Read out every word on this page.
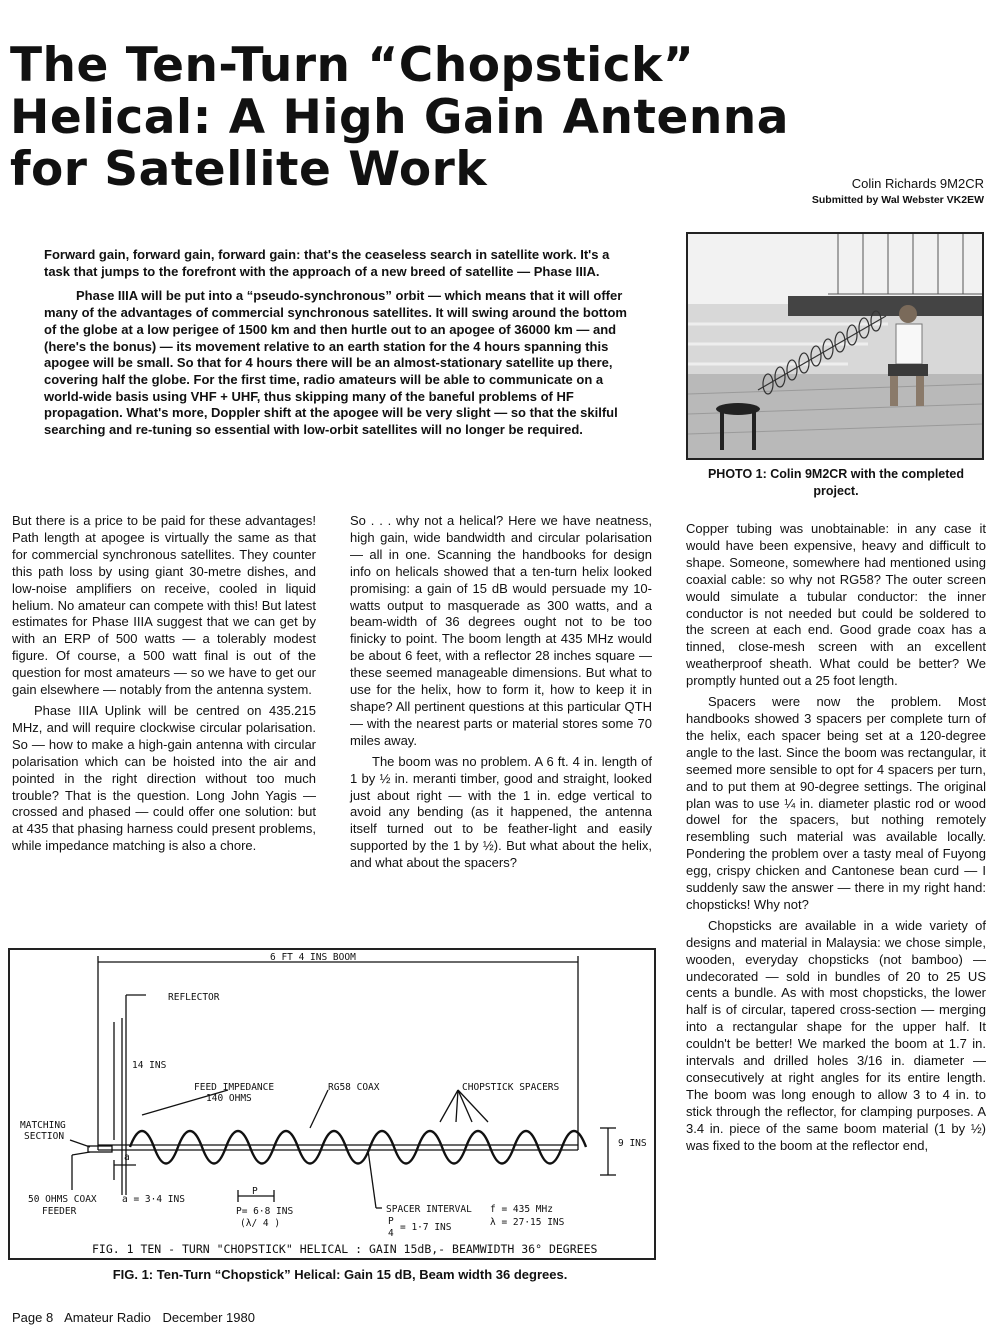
The Ten-Turn “Chopstick”
Helical: A High Gain Antenna
for Satellite Work	Colin Richards 9M2CR
Submitted by Wal Webster VK2EW

Forward gain, forward gain, forward gain: that's the ceaseless search in satellite work. It's a task that jumps to the forefront with the approach of a new breed of satellite — Phase IIIA.

Phase IIIA will be put into a “pseudo-synchronous” orbit — which means that it will offer many of the advantages of commercial synchronous satellites. It will swing around the bottom of the globe at a low perigee of 1500 km and then hurtle out to an apogee of 36000 km — and (here's the bonus) — its movement relative to an earth station for the 4 hours spanning this apogee will be small. So that for 4 hours there will be an almost-stationary satellite up there, covering half the globe. For the first time, radio amateurs will be able to communicate on a world-wide basis using VHF + UHF, thus skipping many of the baneful problems of HF propagation. What's more, Doppler shift at the apogee will be very slight — so that the skilful searching and re-tuning so essential with low-orbit satellites will no longer be required.

PHOTO 1: Colin 9M2CR with the completed project.

But there is a price to be paid for these advantages! Path length at apogee is virtually the same as that for commercial synchronous satellites. They counter this path loss by using giant 30-metre dishes, and low-noise amplifiers on receive, cooled in liquid helium. No amateur can compete with this! But latest estimates for Phase IIIA suggest that we can get by with an ERP of 500 watts — a tolerably modest figure. Of course, a 500 watt final is out of the question for most amateurs — so we have to get our gain elsewhere — notably from the antenna system.

Phase IIIA Uplink will be centred on 435.215 MHz, and will require clockwise circular polarisation. So — how to make a high-gain antenna with circular polarisation which can be hoisted into the air and pointed in the right direction without too much trouble? That is the question. Long John Yagis — crossed and phased — could offer one solution: but at 435 that phasing harness could present problems, while impedance matching is also a chore.

So . . . why not a helical? Here we have neatness, high gain, wide bandwidth and circular polarisation — all in one. Scanning the handbooks for design info on helicals showed that a ten-turn helix looked promising: a gain of 15 dB would persuade my 10-watts output to masquerade as 300 watts, and a beam-width of 36 degrees ought not to be too finicky to point. The boom length at 435 MHz would be about 6 feet, with a reflector 28 inches square — these seemed manageable dimensions. But what to use for the helix, how to form it, how to keep it in shape? All pertinent questions at this particular QTH — with the nearest parts or material stores some 70 miles away.

The boom was no problem. A 6 ft. 4 in. length of 1 by ½ in. meranti timber, good and straight, looked just about right — with the 1 in. edge vertical to avoid any bending (as it happened, the antenna itself turned out to be feather-light and easily supported by the 1 by ½). But what about the helix, and what about the spacers?

Copper tubing was unobtainable: in any case it would have been expensive, heavy and difficult to shape. Someone, somewhere had mentioned using coaxial cable: so why not RG58? The outer screen would simulate a tubular conductor: the inner conductor is not needed but could be soldered to the screen at each end. Good grade coax has a tinned, close-mesh screen with an excellent weatherproof sheath. What could be better? We promptly hunted out a 25 foot length.

Spacers were now the problem. Most handbooks showed 3 spacers per complete turn of the helix, each spacer being set at a 120-degree angle to the last. Since the boom was rectangular, it seemed more sensible to opt for 4 spacers per turn, and to put them at 90-degree settings. The original plan was to use ¼ in. diameter plastic rod or wood dowel for the spacers, but nothing remotely resembling such material was available locally. Pondering the problem over a tasty meal of Fuyong egg, crispy chicken and Cantonese bean curd — I suddenly saw the answer — there in my right hand: chopsticks! Why not?

Chopsticks are available in a wide variety of designs and material in Malaysia: we chose simple, wooden, everyday chopsticks (not bamboo) — undecorated — sold in bundles of 20 to 25 US cents a bundle. As with most chopsticks, the lower half is of circular, tapered cross-section — merging into a rectangular shape for the upper half. It couldn't be better! We marked the boom at 1.7 in. intervals and drilled holes 3/16 in. diameter — consecutively at right angles for its entire length. The boom was long enough to allow 3 to 4 in. to stick through the reflector, for clamping purposes. A 3.4 in. piece of the same boom material (1 by ½) was fixed to the boom at the reflector end,

6 FT 4 INS BOOM
REFLECTOR
14 INS
FEED IMPEDANCE
140 OHMS
RG58 COAX	CHOPSTICK SPACERS
MATCHING
SECTION
9 INS
a
a = 3·4 INS
50 OHMS COAX
FEEDER
P
P= 6·8 INS
(λ/ 4 )
SPACER INTERVAL
P
4
= 1·7 INS
f = 435 MHz
λ = 27·15 INS
FIG. 1 TEN - TURN "CHOPSTICK" HELICAL : GAIN 15dB,- BEAMWIDTH 36° DEGREES
FIG. 1: Ten-Turn “Chopstick” Helical: Gain 15 dB, Beam width 36 degrees.
Page 8 Amateur Radio December 1980
